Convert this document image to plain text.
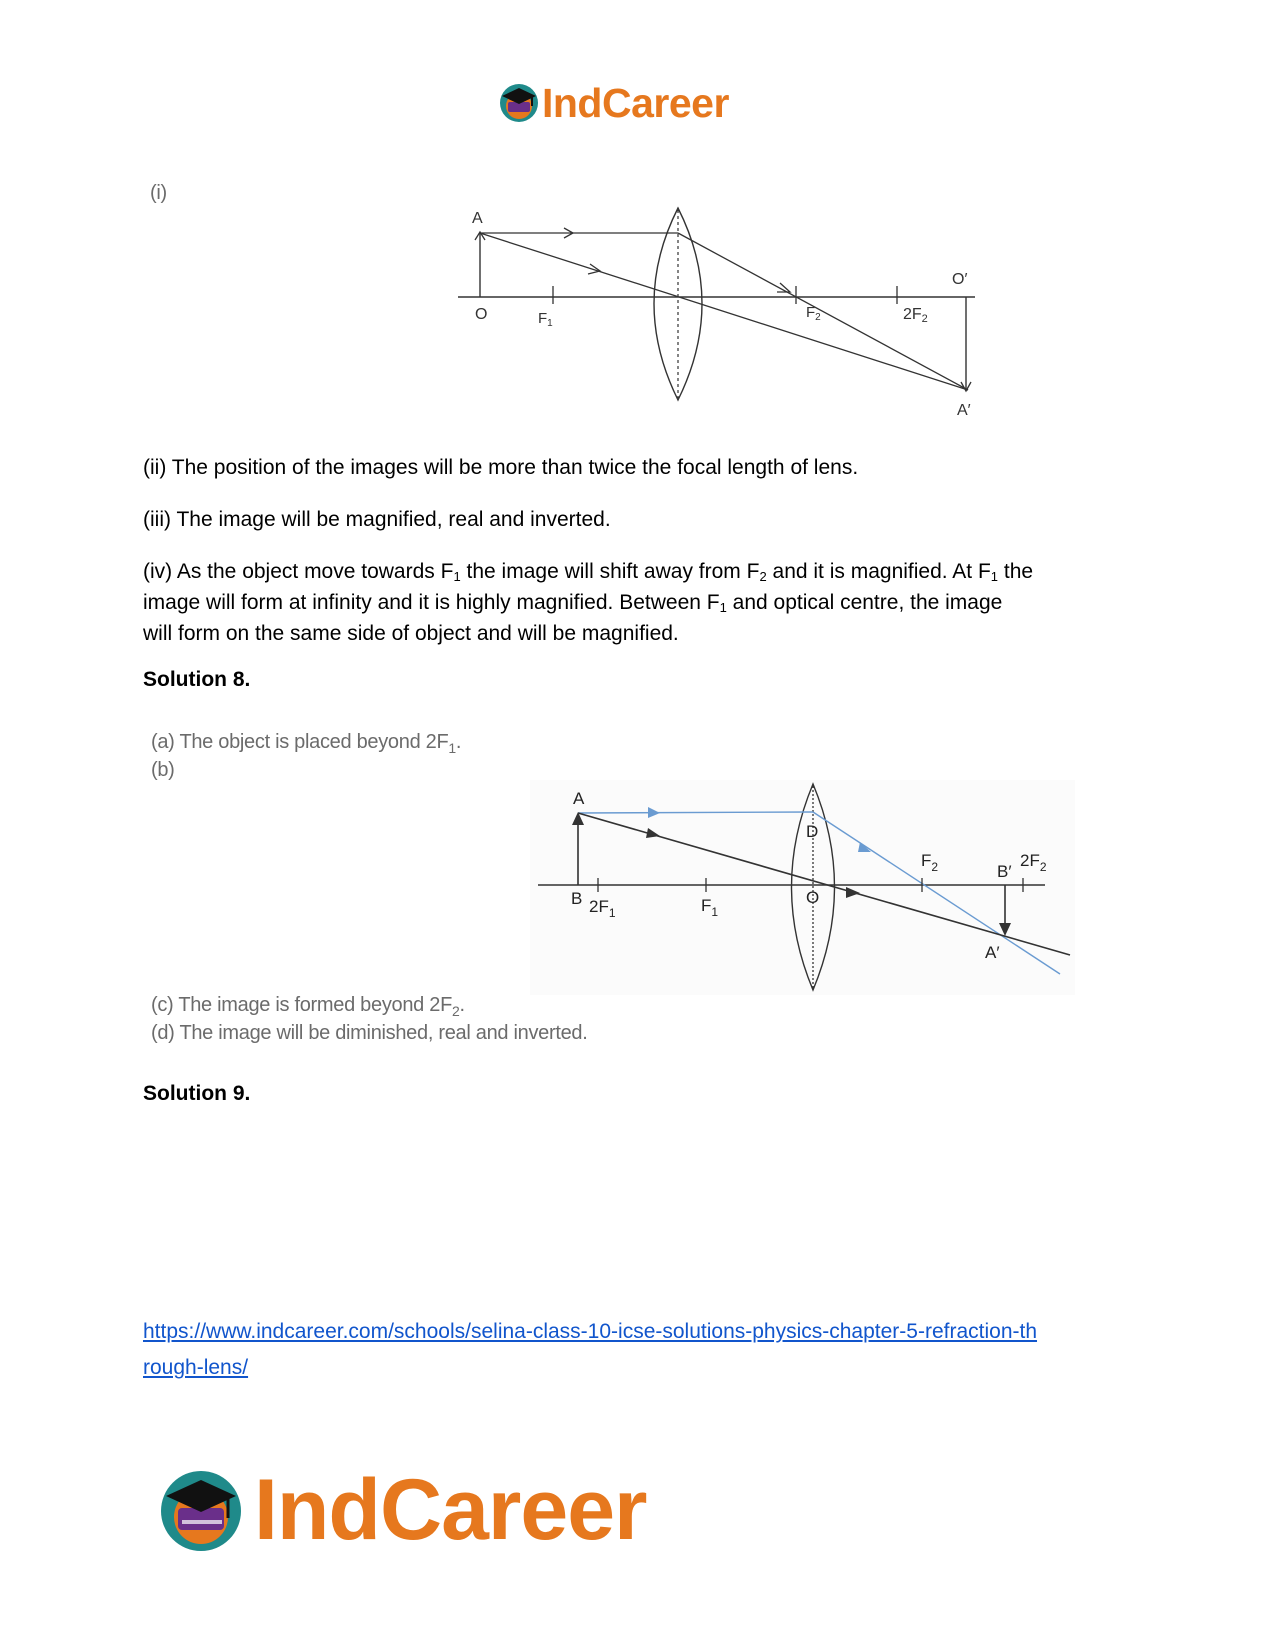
IndCareer
(i)
A
O	$F_1$
$F_2$	2F2
O′
A′
(ii) The position of the images will be more than twice the focal length of lens.
(iii) The image will be magnified, real and inverted.
(iv) As the object move towards $F_1$ the image will shift away from $F_2$ and it is magnified. At $F_1$ the
image will form at infinity and it is highly magnified. Between $F_1$ and optical centre, the image
will form on the same side of object and will be magnified.
Solution 8.
(a) The object is placed beyond $2F_1$.
(b)
A
B $2F_1$	$F_1$
D
O
$F_2$	B′
$2F_2$
A′
(c) The image is formed beyond $2F_2$.
(d) The image will be diminished, real and inverted.
Solution 9.
https://www.indcareer.com/schools/selina-class-10-icse-solutions-physics-chapter-5-refraction-th
rough-lens/
IndCareer
